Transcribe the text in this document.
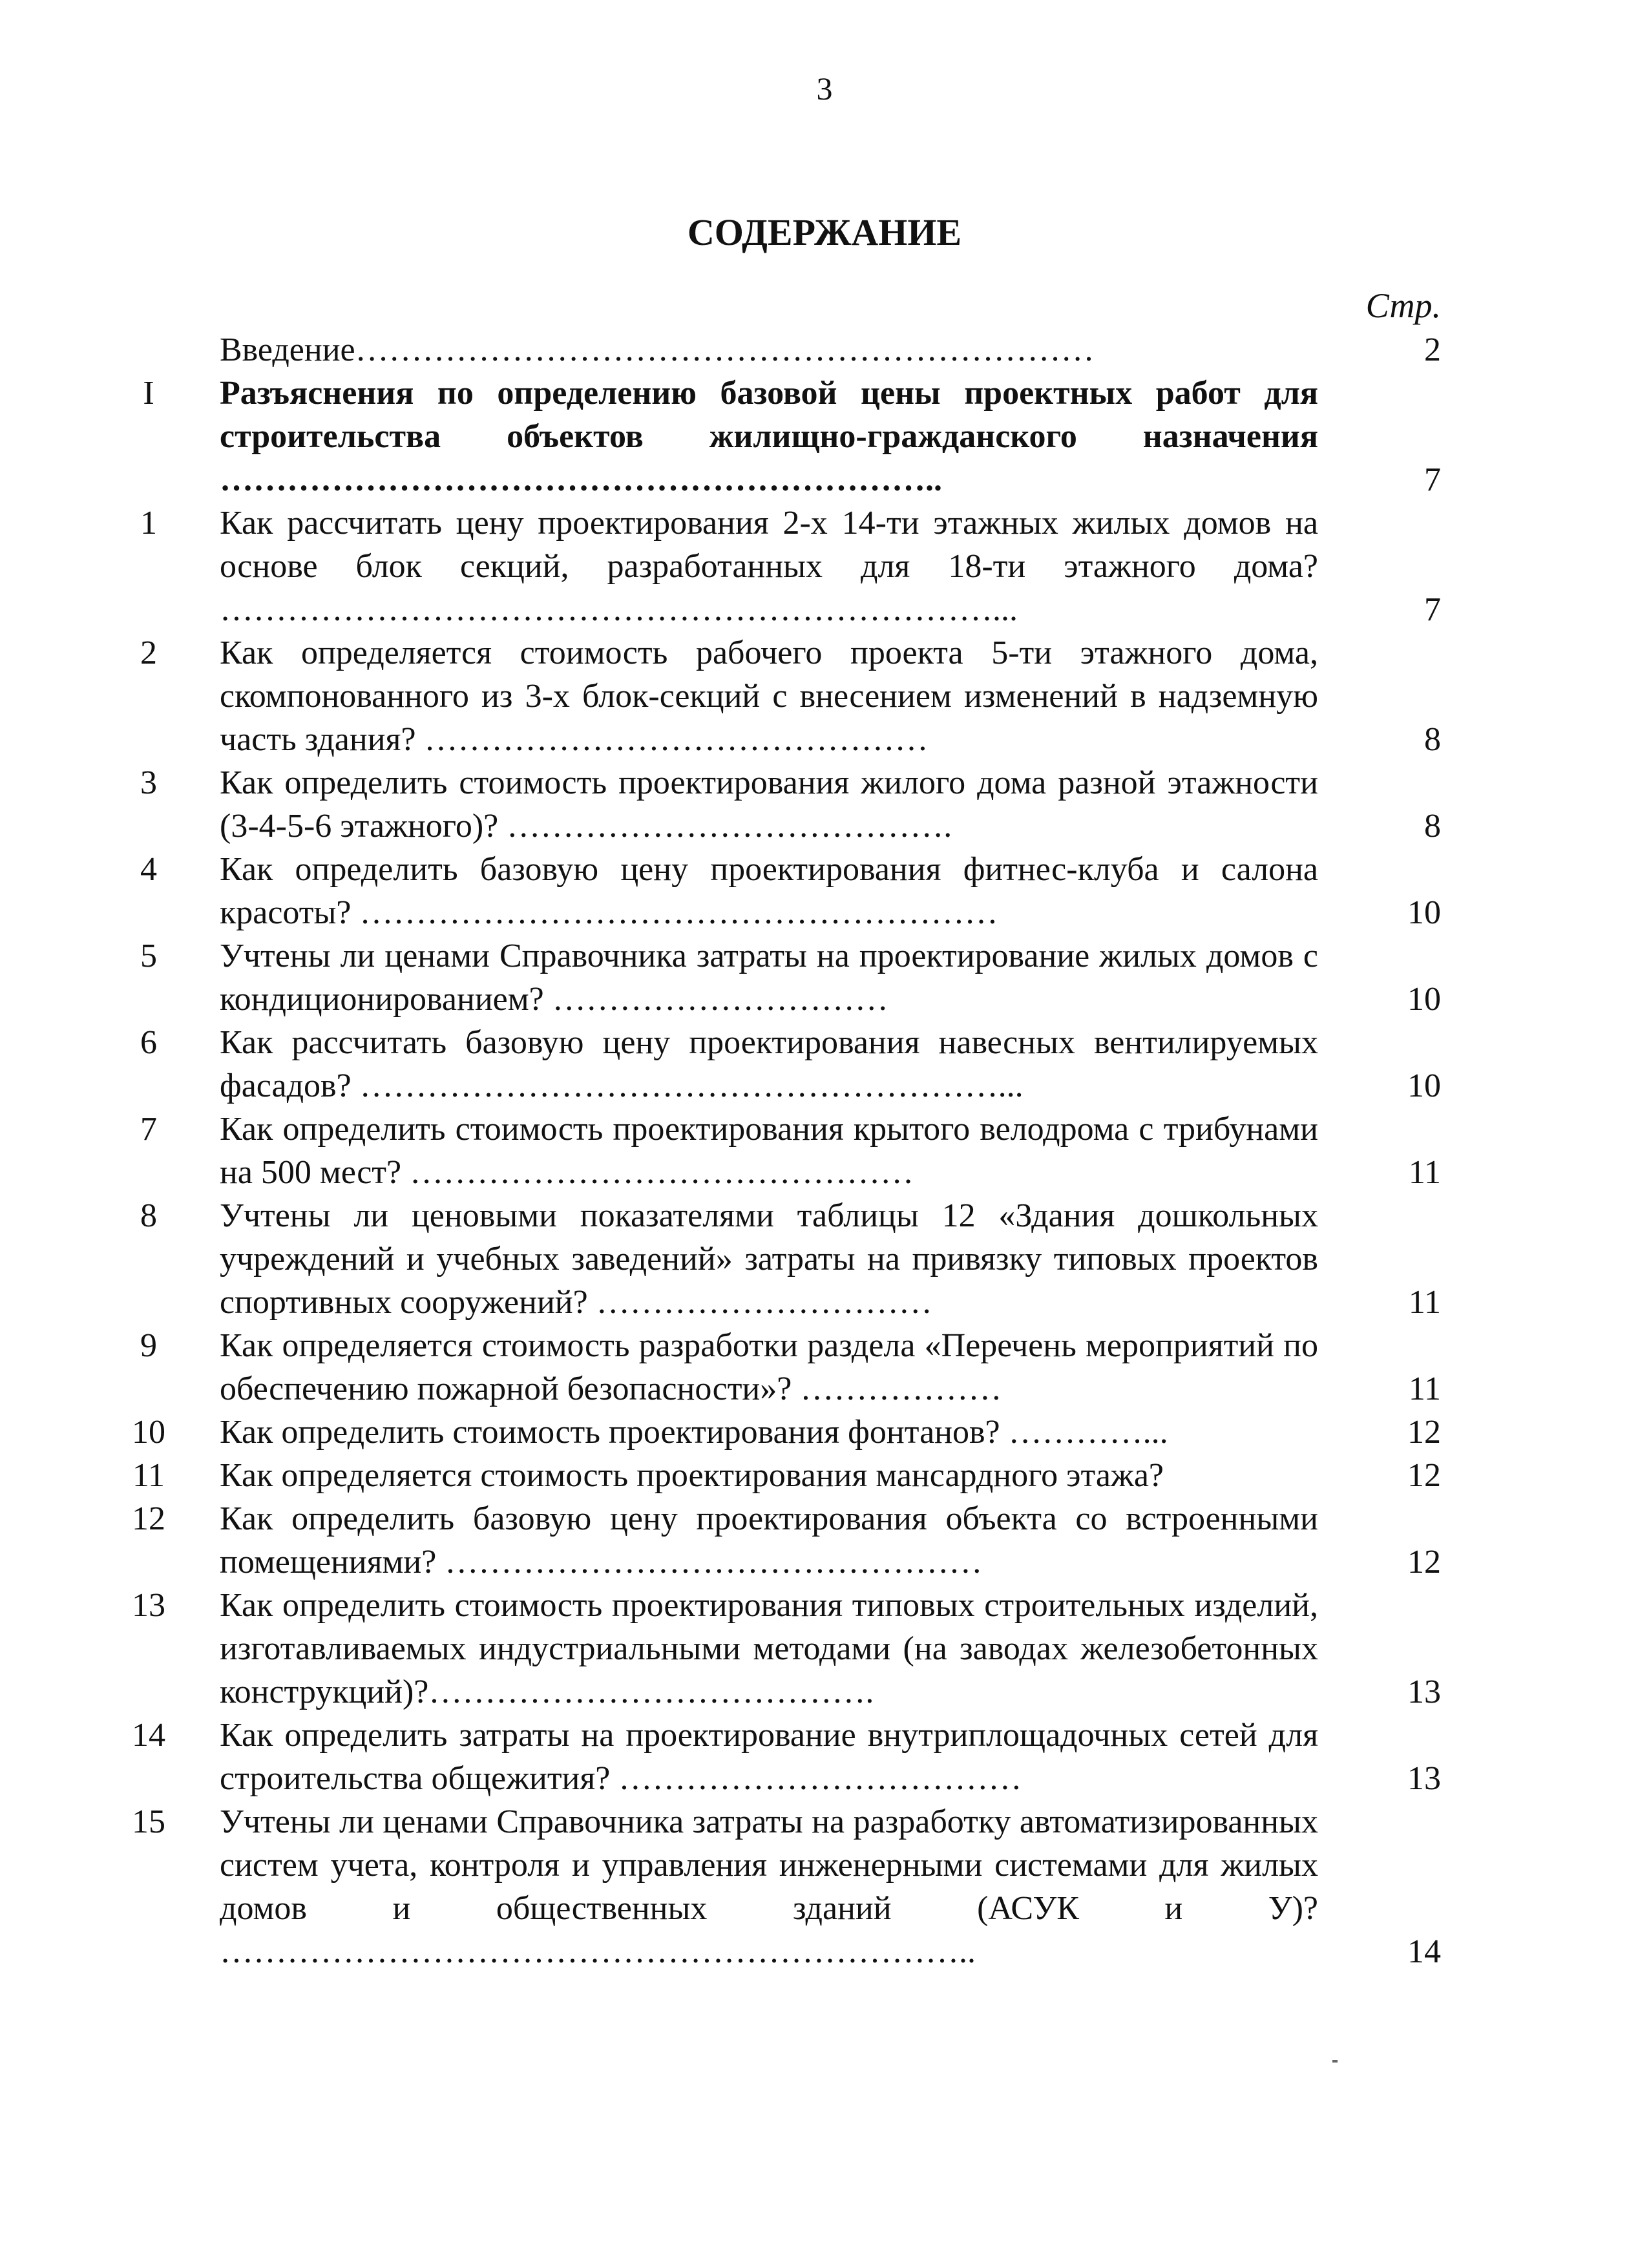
3
СОДЕРЖАНИЕ
Стр.
Введение…………………………………………………………	2
I	Разъяснения по определению базовой цены проектных работ для строительства объектов жилищно-гражданского назначения ………………………………………………………..	7
1	Как рассчитать цену проектирования 2-х 14-ти этажных жилых домов на основе блок секций, разработанных для 18-ти этажного дома? ……………………………………………………………...	7
2	Как определяется стоимость рабочего проекта 5-ти этажного дома, скомпонованного из 3-х блок-секций с внесением изменений в надземную часть здания? ………………………………………	8
3	Как определить стоимость проектирования жилого дома разной этажности (3-4-5-6 этажного)? ………………………………….	8
4	Как определить базовую цену проектирования фитнес-клуба и салона красоты? …………………………………………………	10
5	Учтены ли ценами Справочника затраты на проектирование жилых домов с кондиционированием? …………………………	10
6	Как рассчитать базовую цену проектирования навесных вентилируемых фасадов? …………………………………………………...	10
7	Как определить стоимость проектирования крытого велодрома с трибунами на 500 мест? ………………………………………	11
8	Учтены ли ценовыми показателями таблицы 12 «Здания дошкольных учреждений и учебных заведений» затраты на привязку типовых проектов спортивных сооружений? …………………………	11
9	Как определяется стоимость разработки раздела «Перечень мероприятий по обеспечению пожарной безопасности»? ………………	11
10	Как определить стоимость проектирования фонтанов? …………...	12
11	Как определяется стоимость проектирования мансардного этажа?	12
12	Как определить базовую цену проектирования объекта со встроенными помещениями? …………………………………………	12
13	Как определить стоимость проектирования типовых строительных изделий, изготавливаемых индустриальными методами (на заводах железобетонных конструкций)?………………………………….	13
14	Как определить затраты на проектирование внутриплощадочных сетей для строительства общежития? ………………………………	13
15	Учтены ли ценами Справочника затраты на разработку автоматизированных систем учета, контроля и управления инженерными системами для жилых домов и общественных зданий (АСУК и У)? …………………………………………………………..	14
